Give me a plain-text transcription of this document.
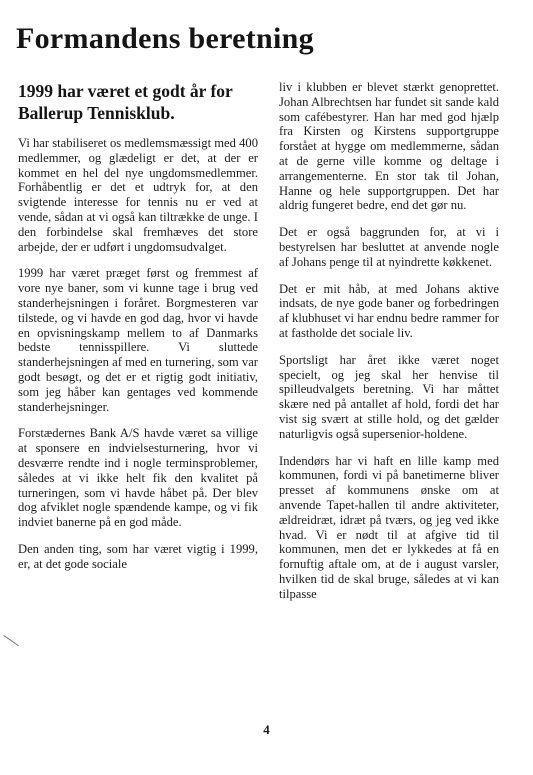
Formandens beretning
1999 har været et godt år for Ballerup Tennisklub.

Vi har stabiliseret os medlemsmæssigt med 400 medlemmer, og glædeligt er det, at der er kommet en hel del nye ungdomsmedlemmer. Forhåbentlig er det et udtryk for, at den svigtende interesse for tennis nu er ved at vende, sådan at vi også kan tiltrække de unge. I den forbindelse skal fremhæves det store arbejde, der er udført i ungdomsudvalget.

1999 har været præget først og fremmest af vore nye baner, som vi kunne tage i brug ved standerhejsningen i foråret. Borgmesteren var tilstede, og vi havde en god dag, hvor vi havde en opvisningskamp mellem to af Danmarks bedste tennisspillere. Vi sluttede standerhejsningen af med en turnering, som var godt besøgt, og det er et rigtig godt initiativ, som jeg håber kan gentages ved kommende standerhejsninger.

Forstædernes Bank A/S havde været sa villige at sponsere en indvielsesturnering, hvor vi desværre rendte ind i nogle terminsproblemer, således at vi ikke helt fik den kvalitet på turneringen, som vi havde håbet på. Der blev dog afviklet nogle spændende kampe, og vi fik indviet banerne på en god måde.

Den anden ting, som har været vigtig i 1999, er, at det gode sociale

liv i klubben er blevet stærkt genoprettet. Johan Albrechtsen har fundet sit sande kald som cafébestyrer. Han har med god hjælp fra Kirsten og Kirstens supportgruppe forstået at hygge om medlemmerne, sådan at de gerne ville komme og deltage i arrangementerne. En stor tak til Johan, Hanne og hele supportgruppen. Det har aldrig fungeret bedre, end det gør nu.

Det er også baggrunden for, at vi i bestyrelsen har besluttet at anvende nogle af Johans penge til at nyindrette køkkenet.

Det er mit håb, at med Johans aktive indsats, de nye gode baner og forbedringen af klubhuset vi har endnu bedre rammer for at fastholde det sociale liv.

Sportsligt har året ikke været noget specielt, og jeg skal her henvise til spilleudvalgets beretning. Vi har måttet skære ned på antallet af hold, fordi det har vist sig svært at stille hold, og det gælder naturligvis også supersenior-holdene.

Indendørs har vi haft en lille kamp med kommunen, fordi vi på banetimerne bliver presset af kommunens ønske om at anvende Tapet-hallen til andre aktiviteter, ældreidræt, idræt på tværs, og jeg ved ikke hvad. Vi er nødt til at afgive tid til kommunen, men det er lykkedes at få en fornuftig aftale om, at de i august varsler, hvilken tid de skal bruge, således at vi kan tilpasse

4
